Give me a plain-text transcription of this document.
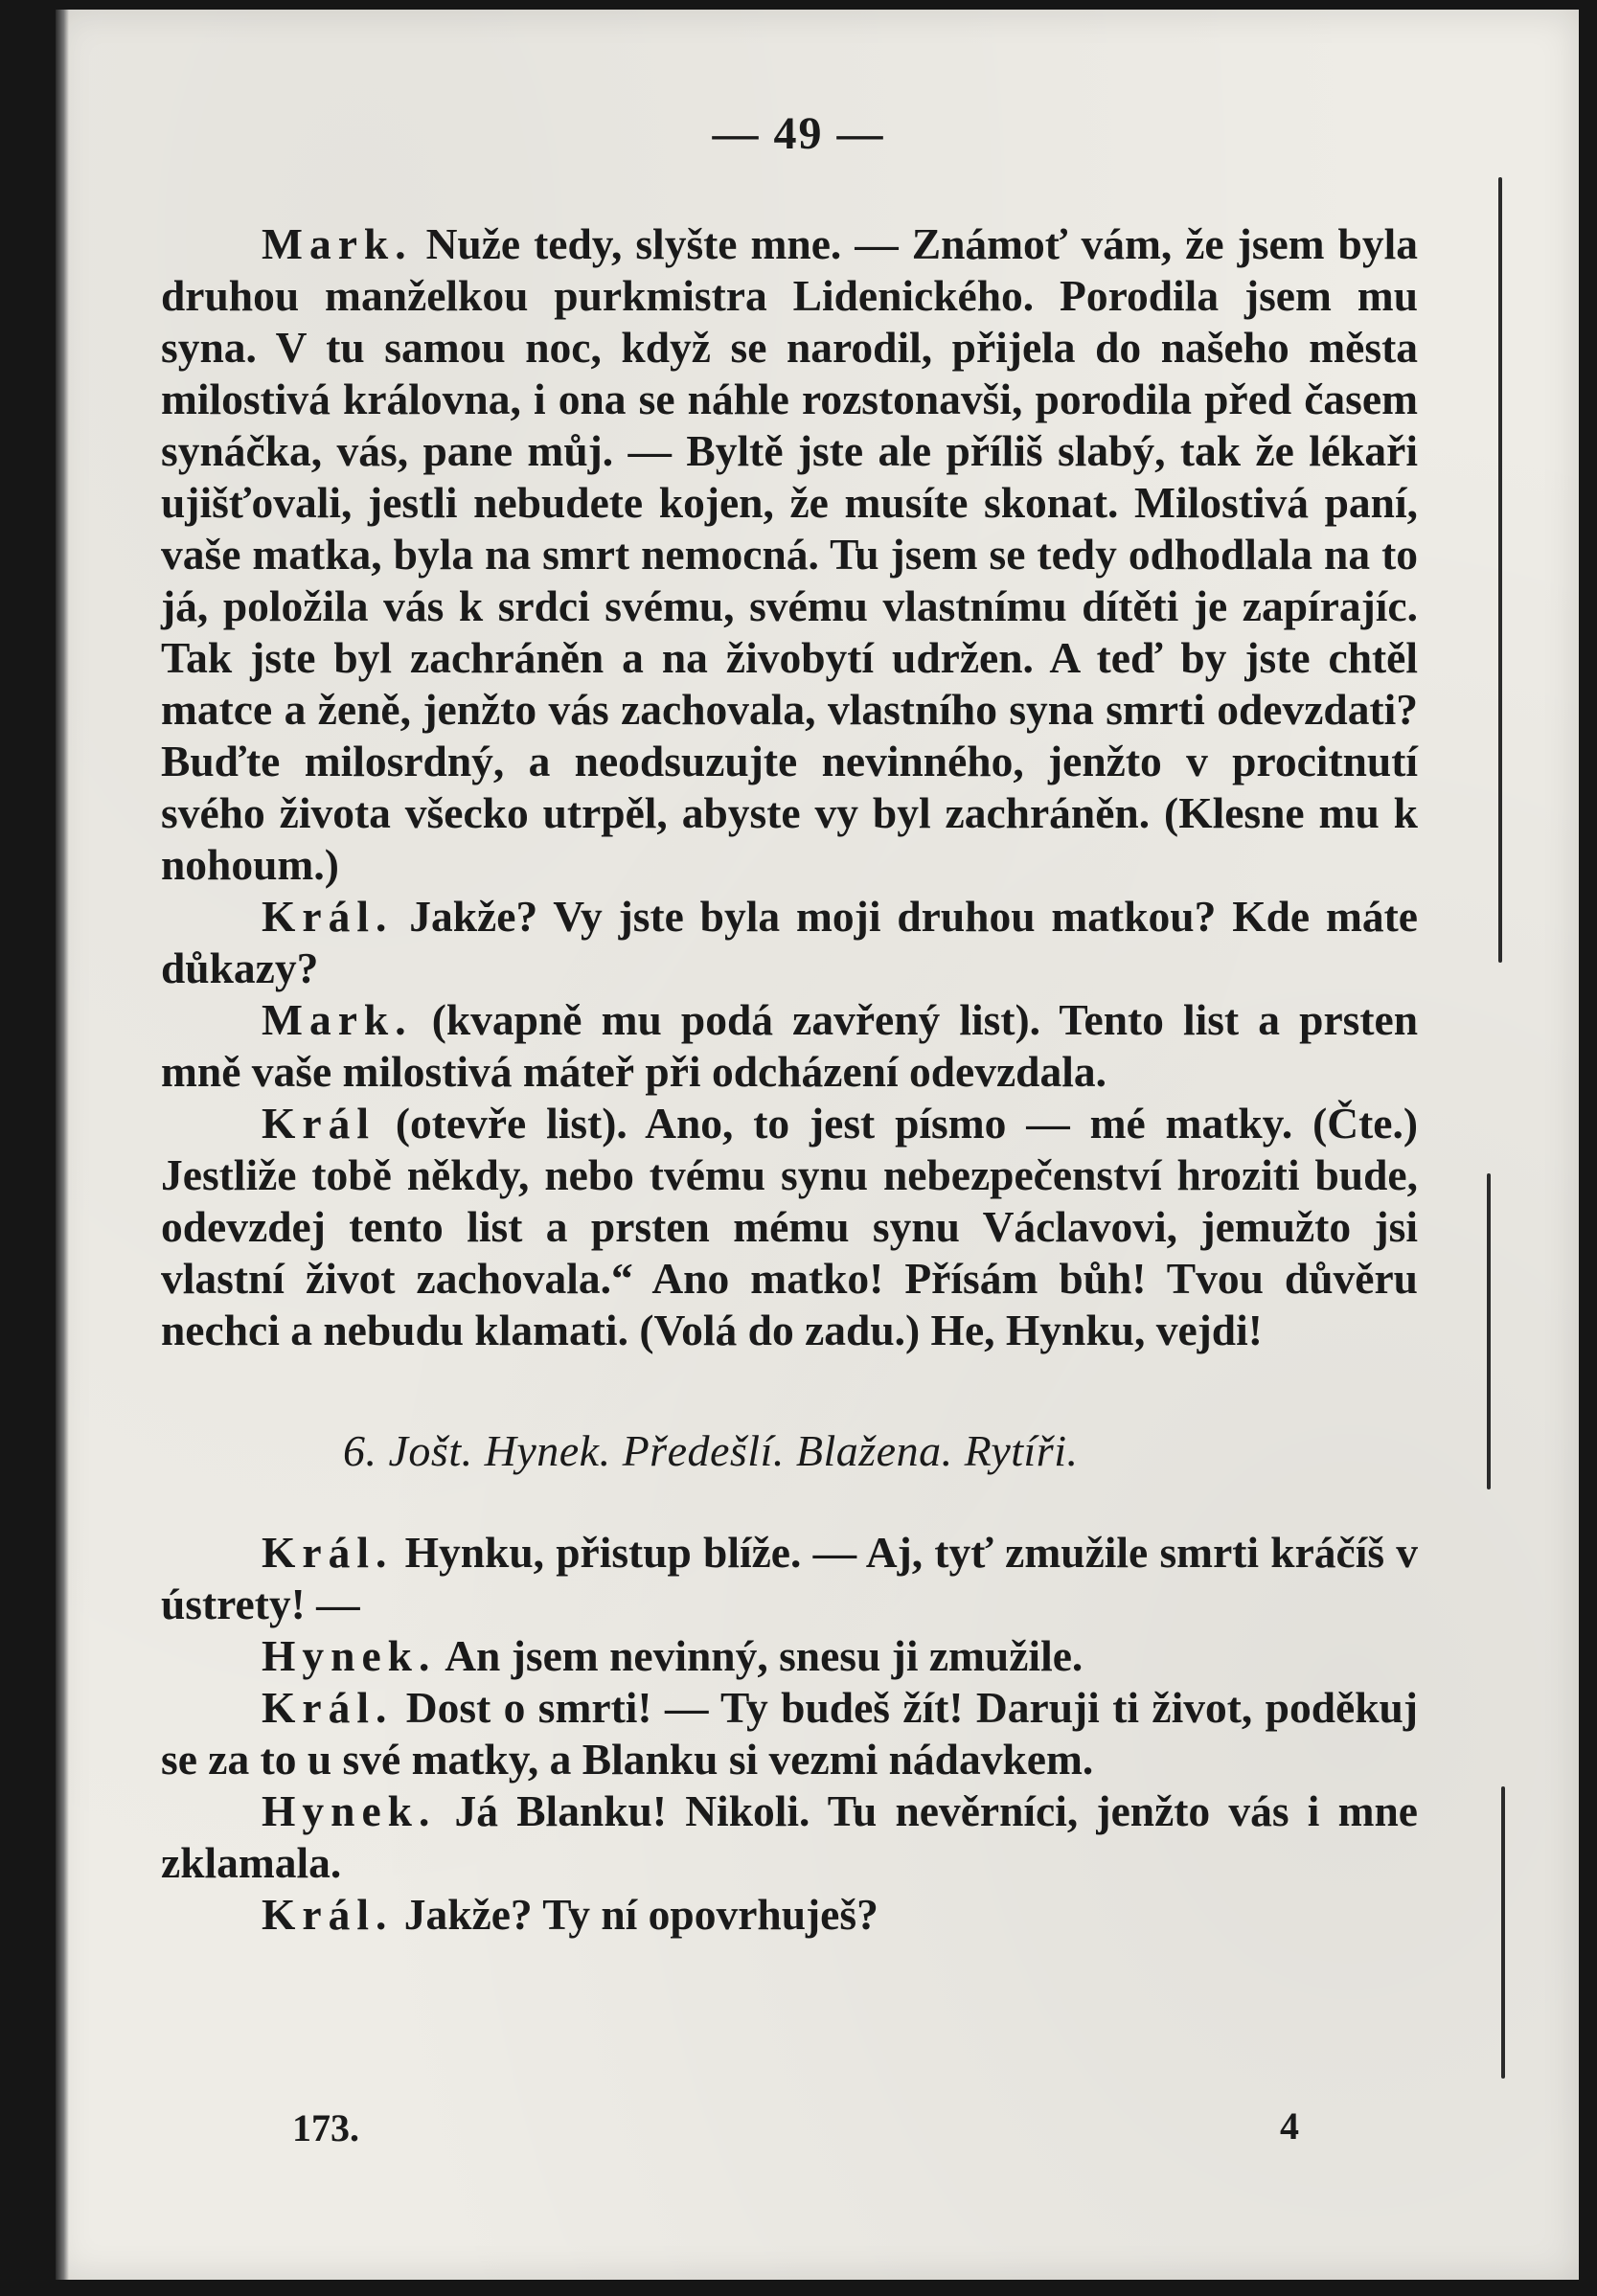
— 49 —

Mark. Nuže tedy, slyšte mne. — Známoť vám, že jsem byla druhou manželkou purkmistra Lidenického. Porodila jsem mu syna. V tu samou noc, když se narodil, přijela do našeho města milostivá královna, i ona se náhle rozstonavši, porodila před časem synáčka, vás, pane můj. — Byltě jste ale příliš slabý, tak že lékaři ujišťovali, jestli nebudete kojen, že musíte skonat. Milostivá paní, vaše matka, byla na smrt nemocná. Tu jsem se tedy odhodlala na to já, položila vás k srdci svému, svému vlastnímu dítěti je zapírajíc. Tak jste byl zachráněn a na živobytí udržen. A teď by jste chtěl matce a ženě, jenžto vás zachovala, vlastního syna smrti odevzdati? Buďte milosrdný, a neodsuzujte nevinného, jenžto v procitnutí svého života všecko utrpěl, abyste vy byl zachráněn. (Klesne mu k nohoum.)

Král. Jakže? Vy jste byla moji druhou matkou? Kde máte důkazy?

Mark. (kvapně mu podá zavřený list). Tento list a prsten mně vaše milostivá máteř při odcházení odevzdala.

Král (otevře list). Ano, to jest písmo — mé matky. (Čte.) Jestliže tobě někdy, nebo tvému synu nebezpečenství hroziti bude, odevzdej tento list a prsten mému synu Václavovi, jemužto jsi vlastní život zachovala.“ Ano matko! Přísám bůh! Tvou důvěru nechci a nebudu klamati. (Volá do zadu.) He, Hynku, vejdi!

6. Jošt. Hynek. Předešlí. Blažena. Rytíři.

Král. Hynku, přistup blíže. — Aj, tyť zmužile smrti kráčíš v ústrety! —

Hynek. An jsem nevinný, snesu ji zmužile.

Král. Dost o smrti! — Ty budeš žít! Daruji ti život, poděkuj se za to u své matky, a Blanku si vezmi nádavkem.

Hynek. Já Blanku! Nikoli. Tu nevěrníci, jenžto vás i mne zklamala.

Král. Jakže? Ty ní opovrhuješ?

173.	4
